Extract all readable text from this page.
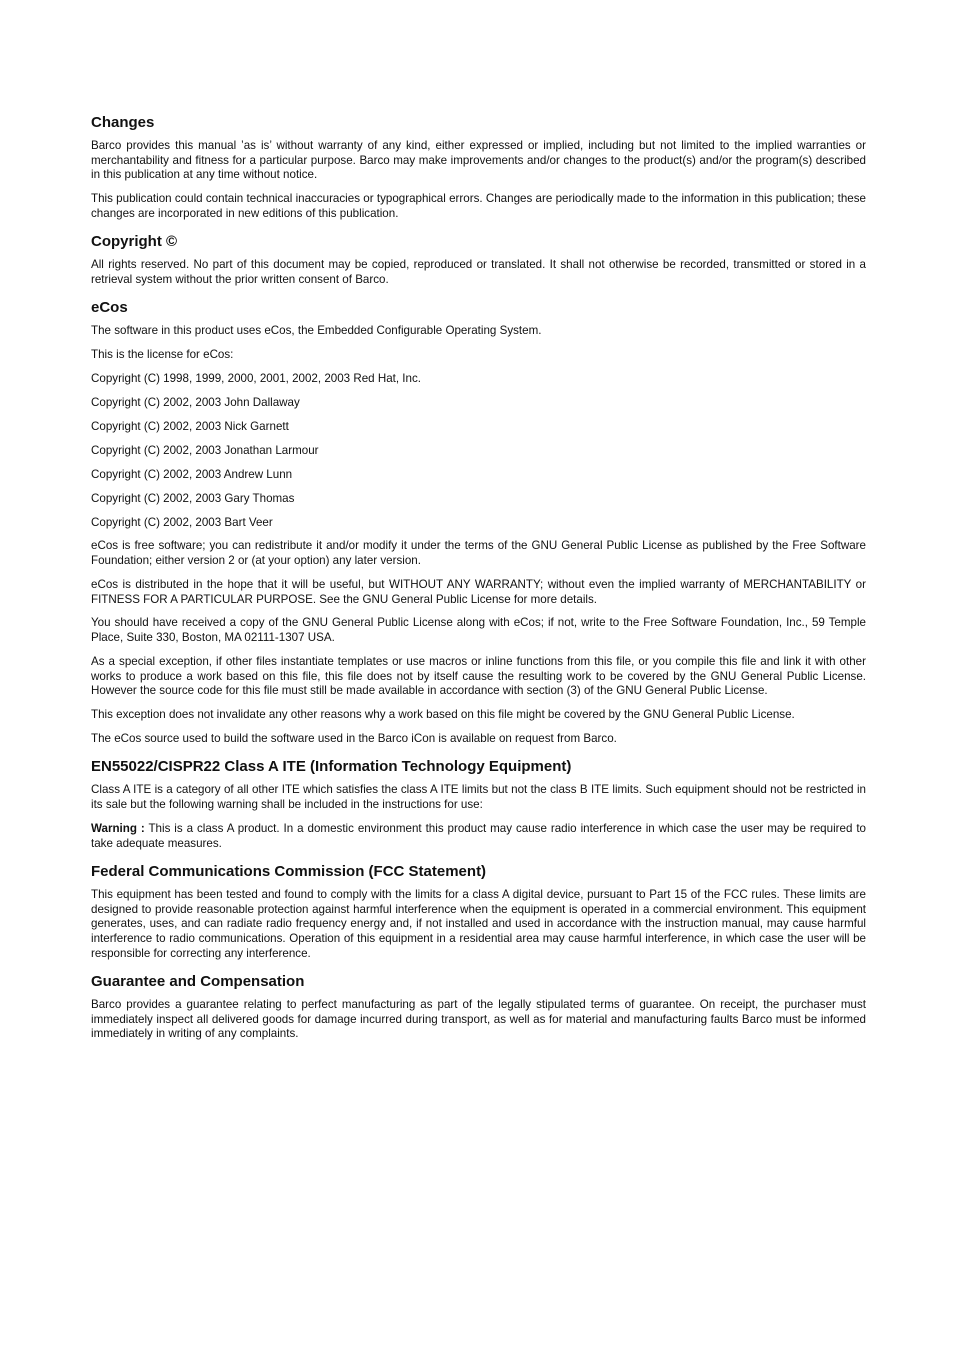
Changes

Barco provides this manual ’as is’ without warranty of any kind, either expressed or implied, including but not limited to the implied warranties or merchantability and fitness for a particular purpose. Barco may make improvements and/or changes to the product(s) and/or the program(s) described in this publication at any time without notice.

This publication could contain technical inaccuracies or typographical errors. Changes are periodically made to the information in this publication; these changes are incorporated in new editions of this publication.

Copyright ©

All rights reserved. No part of this document may be copied, reproduced or translated. It shall not otherwise be recorded, transmitted or stored in a retrieval system without the prior written consent of Barco.

eCos

The software in this product uses eCos, the Embedded Configurable Operating System.

This is the license for eCos:

Copyright (C) 1998, 1999, 2000, 2001, 2002, 2003 Red Hat, Inc.

Copyright (C) 2002, 2003 John Dallaway

Copyright (C) 2002, 2003 Nick Garnett

Copyright (C) 2002, 2003 Jonathan Larmour

Copyright (C) 2002, 2003 Andrew Lunn

Copyright (C) 2002, 2003 Gary Thomas

Copyright (C) 2002, 2003 Bart Veer

eCos is free software; you can redistribute it and/or modify it under the terms of the GNU General Public License as published by the Free Software Foundation; either version 2 or (at your option) any later version.

eCos is distributed in the hope that it will be useful, but WITHOUT ANY WARRANTY; without even the implied warranty of MERCHANTABILITY or FITNESS FOR A PARTICULAR PURPOSE. See the GNU General Public License for more details.

You should have received a copy of the GNU General Public License along with eCos; if not, write to the Free Software Foundation, Inc., 59 Temple Place, Suite 330, Boston, MA 02111-1307 USA.

As a special exception, if other files instantiate templates or use macros or inline functions from this file, or you compile this file and link it with other works to produce a work based on this file, this file does not by itself cause the resulting work to be covered by the GNU General Public License. However the source code for this file must still be made available in accordance with section (3) of the GNU General Public License.

This exception does not invalidate any other reasons why a work based on this file might be covered by the GNU General Public License.

The eCos source used to build the software used in the Barco iCon is available on request from Barco.

EN55022/CISPR22 Class A ITE (Information Technology Equipment)

Class A ITE is a category of all other ITE which satisfies the class A ITE limits but not the class B ITE limits. Such equipment should not be restricted in its sale but the following warning shall be included in the instructions for use:

Warning : This is a class A product. In a domestic environment this product may cause radio interference in which case the user may be required to take adequate measures.

Federal Communications Commission (FCC Statement)

This equipment has been tested and found to comply with the limits for a class A digital device, pursuant to Part 15 of the FCC rules. These limits are designed to provide reasonable protection against harmful interference when the equipment is operated in a commercial environment. This equipment generates, uses, and can radiate radio frequency energy and, if not installed and used in accordance with the instruction manual, may cause harmful interference to radio communications. Operation of this equipment in a residential area may cause harmful interference, in which case the user will be responsible for correcting any interference.

Guarantee and Compensation

Barco provides a guarantee relating to perfect manufacturing as part of the legally stipulated terms of guarantee. On receipt, the purchaser must immediately inspect all delivered goods for damage incurred during transport, as well as for material and manufacturing faults Barco must be informed immediately in writing of any complaints.
